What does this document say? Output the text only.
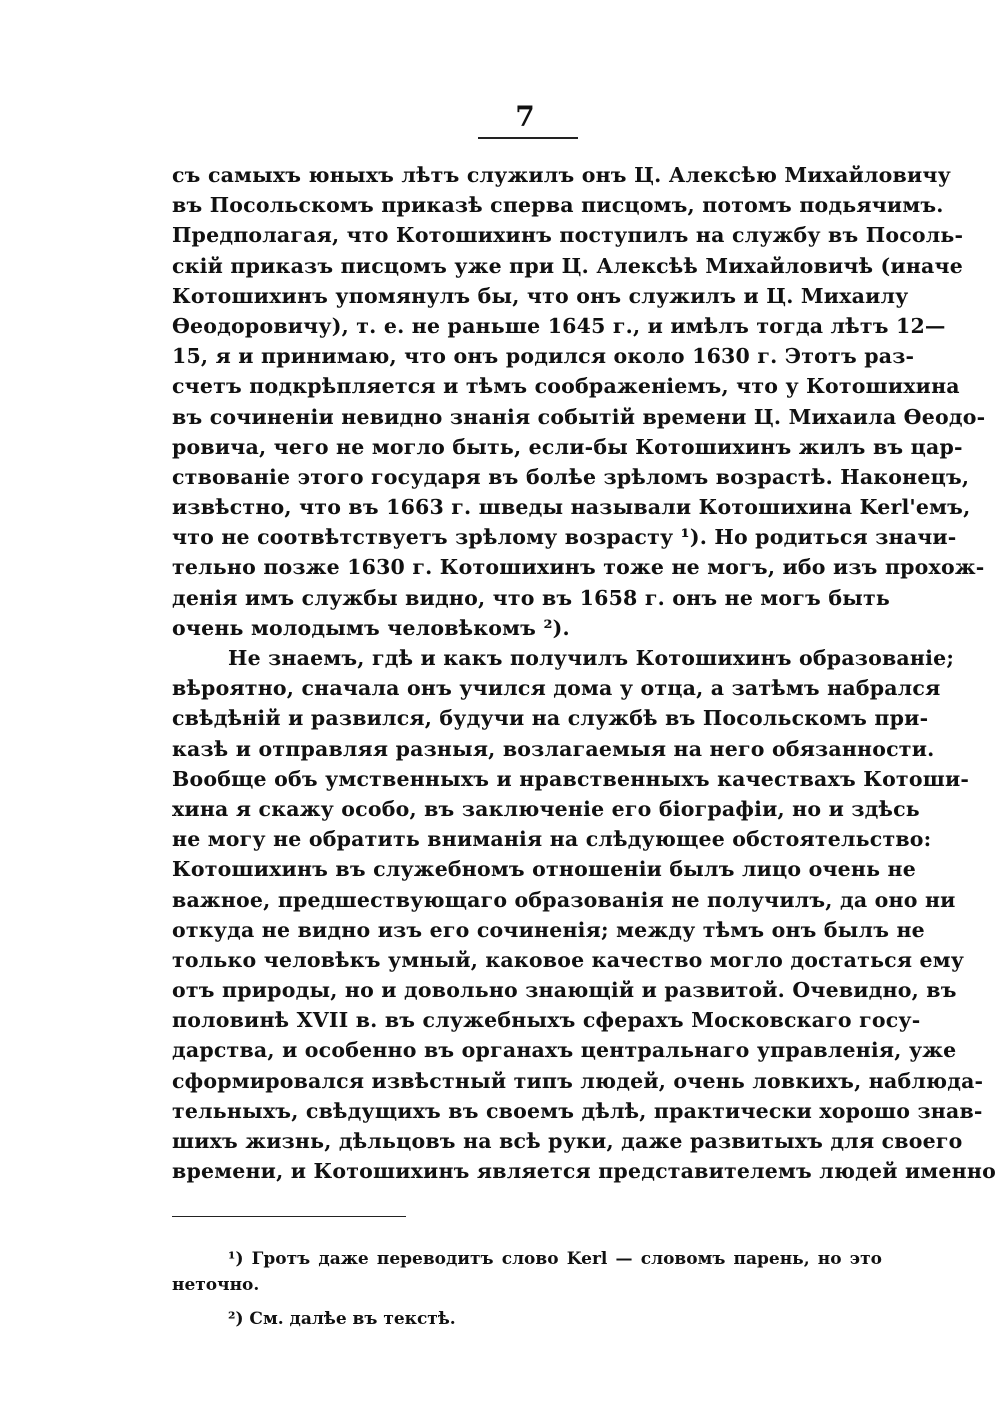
7
съ самыхъ юныхъ лѣтъ служилъ онъ Ц. Алексѣю Михайловичу
въ Посольскомъ приказѣ сперва писцомъ, потомъ подьячимъ.
Предполагая, что Котошихинъ поступилъ на службу въ Посоль-
скій приказъ писцомъ уже при Ц. Алексѣѣ Михайловичѣ (иначе
Котошихинъ упомянулъ бы, что онъ служилъ и Ц. Михаилу
Ѳеодоровичу), т. е. не раньше 1645 г., и имѣлъ тогда лѣтъ 12—
15, я и принимаю, что онъ родился около 1630 г. Этотъ раз-
счетъ подкрѣпляется и тѣмъ соображеніемъ, что у Котошихина
въ сочиненіи невидно знанія событій времени Ц. Михаила Ѳеодо-
ровича, чего не могло быть, если-бы Котошихинъ жилъ въ цар-
ствованіе этого государя въ болѣе зрѣломъ возрастѣ. Наконецъ,
извѣстно, что въ 1663 г. шведы называли Котошихина Kerl'емъ,
что не соотвѣтствуетъ зрѣлому возрасту ¹). Но родиться значи-
тельно позже 1630 г. Котошихинъ тоже не могъ, ибо изъ прохож-
денія имъ службы видно, что въ 1658 г. онъ не могъ быть
очень молодымъ человѣкомъ ²).
Не знаемъ, гдѣ и какъ получилъ Котошихинъ образованіе;
вѣроятно, сначала онъ учился дома у отца, а затѣмъ набрался
свѣдѣній и развился, будучи на службѣ въ Посольскомъ при-
казѣ и отправляя разныя, возлагаемыя на него обязанности.
Вообще объ умственныхъ и нравственныхъ качествахъ Котоши-
хина я скажу особо, въ заключеніе его біографіи, но и здѣсь
не могу не обратить вниманія на слѣдующее обстоятельство:
Котошихинъ въ служебномъ отношеніи былъ лицо очень не
важное, предшествующаго образованія не получилъ, да оно ни
откуда не видно изъ его сочиненія; между тѣмъ онъ былъ не
только человѣкъ умный, каковое качество могло достаться ему
отъ природы, но и довольно знающій и развитой. Очевидно, въ
половинѣ XVII в. въ служебныхъ сферахъ Московскаго госу-
дарства, и особенно въ органахъ центральнаго управленія, уже
сформировался извѣстный типъ людей, очень ловкихъ, наблюда-
тельныхъ, свѣдущихъ въ своемъ дѣлѣ, практически хорошо знав-
шихъ жизнь, дѣльцовъ на всѣ руки, даже развитыхъ для своего
времени, и Котошихинъ является представителемъ людей именно
¹) Гротъ даже переводитъ слово Kerl — словомъ парень, но это
неточно.
²) См. далѣе въ текстѣ.
